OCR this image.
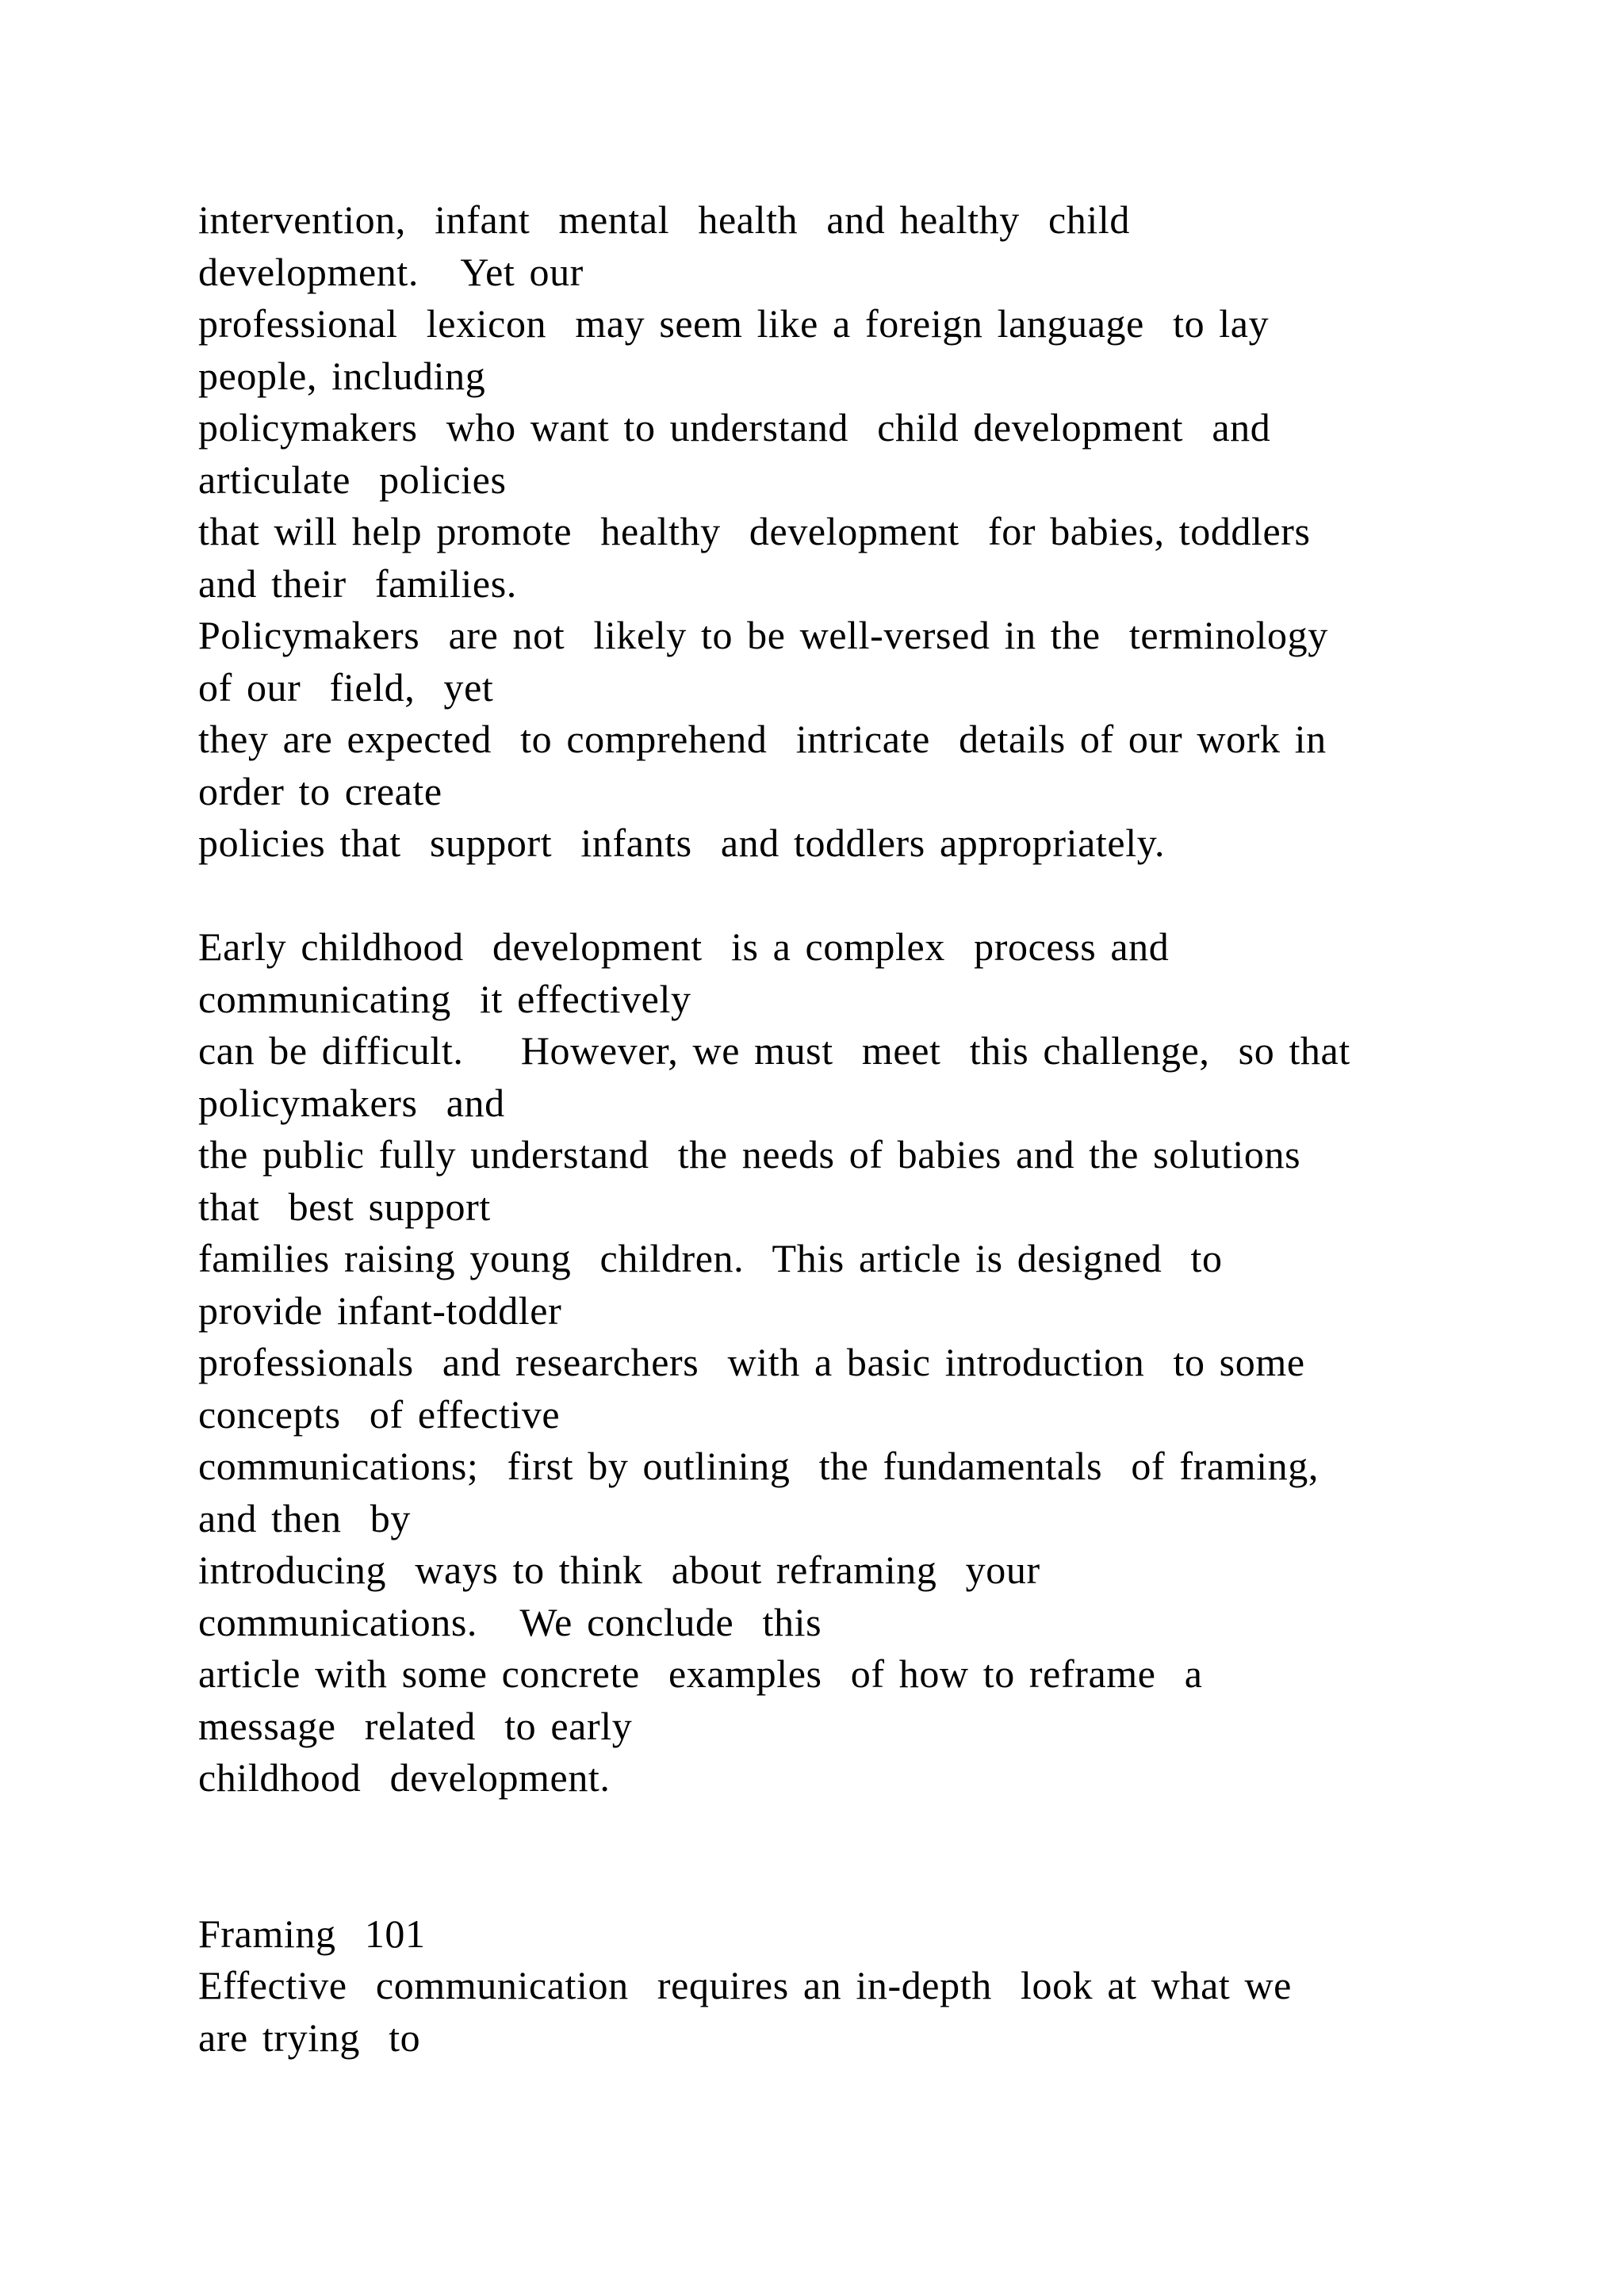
intervention,  infant  mental  health  and healthy  child
development.   Yet our
professional  lexicon  may seem like a foreign language  to lay
people, including
policymakers  who want to understand  child development  and
articulate  policies
that will help promote  healthy  development  for babies, toddlers
and their  families.
Policymakers  are not  likely to be well-versed in the  terminology
of our  field,  yet
they are expected  to comprehend  intricate  details of our work in
order to create
policies that  support  infants  and toddlers appropriately.
Early childhood  development  is a complex  process and
communicating  it effectively
can be difficult.    However, we must  meet  this challenge,  so that
policymakers  and
the public fully understand  the needs of babies and the solutions
that  best support
families raising young  children.  This article is designed  to
provide infant-toddler
professionals  and researchers  with a basic introduction  to some
concepts  of effective
communications;  first by outlining  the fundamentals  of framing,
and then  by
introducing  ways to think  about reframing  your
communications.   We conclude  this
article with some concrete  examples  of how to reframe  a
message  related  to early
childhood  development.
Framing  101
Effective  communication  requires an in-depth  look at what we
are trying  to
